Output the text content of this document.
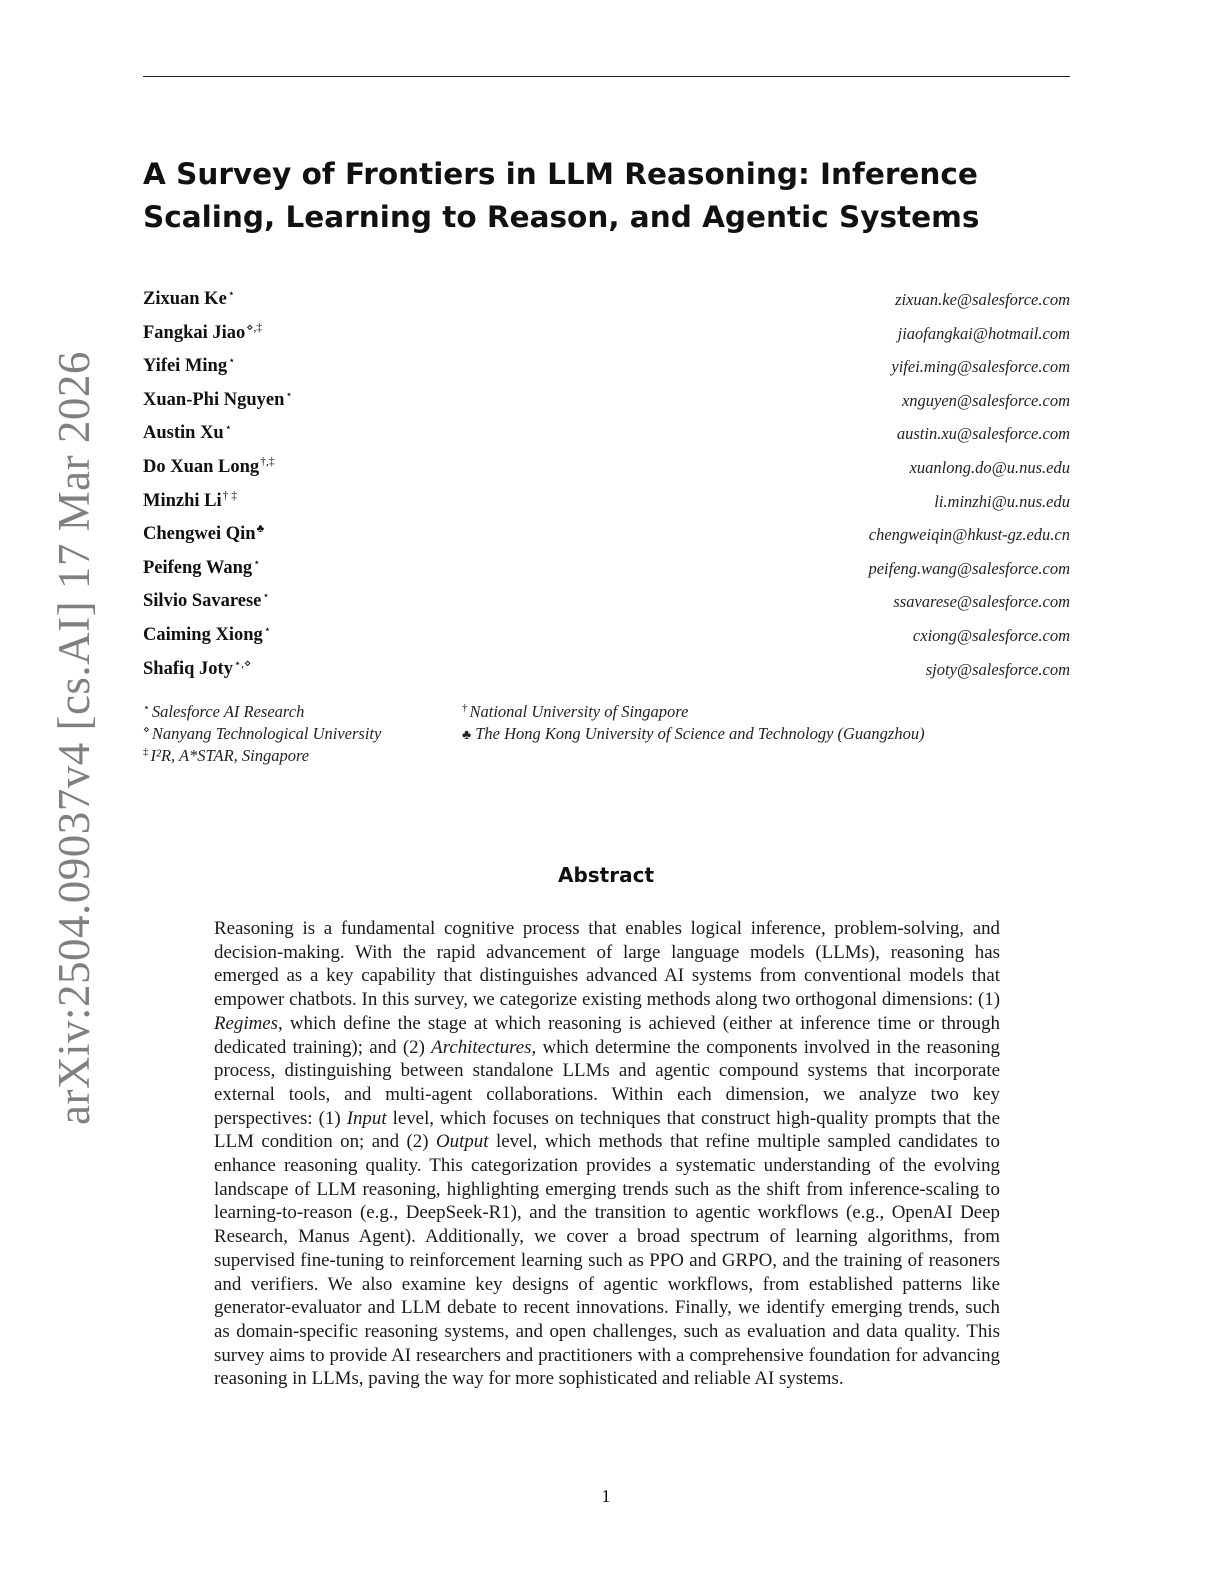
arXiv:2504.09037v4 [cs.AI] 17 Mar 2026
A Survey of Frontiers in LLM Reasoning: Inference Scaling, Learning to Reason, and Agentic Systems
Zixuan Ke⋆	zixuan.ke@salesforce.com
Fangkai Jiao⋄,‡	jiaofangkai@hotmail.com
Yifei Ming⋆	yifei.ming@salesforce.com
Xuan-Phi Nguyen⋆	xnguyen@salesforce.com
Austin Xu⋆	austin.xu@salesforce.com
Do Xuan Long†,‡	xuanlong.do@u.nus.edu
Minzhi Li† ‡	li.minzhi@u.nus.edu
Chengwei Qin♣	chengweiqin@hkust-gz.edu.cn
Peifeng Wang⋆	peifeng.wang@salesforce.com
Silvio Savarese⋆	ssavarese@salesforce.com
Caiming Xiong⋆	cxiong@salesforce.com
Shafiq Joty⋆,⋄	sjoty@salesforce.com
⋆ Salesforce AI Research
⋄ Nanyang Technological University
‡ I²R, A*STAR, Singapore
† National University of Singapore
♣ The Hong Kong University of Science and Technology (Guangzhou)
Abstract

Reasoning is a fundamental cognitive process that enables logical inference, problem-solving, and decision-making. With the rapid advancement of large language models (LLMs), reasoning has emerged as a key capability that distinguishes advanced AI systems from conventional models that empower chatbots. In this survey, we categorize existing methods along two orthogonal dimensions: (1) Regimes, which define the stage at which reasoning is achieved (either at inference time or through dedicated training); and (2) Architectures, which determine the components involved in the reasoning process, distinguishing between standalone LLMs and agentic compound systems that incorporate external tools, and multi-agent collaborations. Within each dimension, we analyze two key perspectives: (1) Input level, which focuses on techniques that construct high-quality prompts that the LLM condition on; and (2) Output level, which methods that refine multiple sampled candidates to enhance reasoning quality. This categorization provides a systematic understanding of the evolving landscape of LLM reasoning, highlighting emerging trends such as the shift from inference-scaling to learning-to-reason (e.g., DeepSeek-R1), and the transition to agentic workflows (e.g., OpenAI Deep Research, Manus Agent). Additionally, we cover a broad spectrum of learning algorithms, from supervised fine-tuning to reinforcement learning such as PPO and GRPO, and the training of reasoners and verifiers. We also examine key designs of agentic workflows, from established patterns like generator-evaluator and LLM debate to recent innovations. Finally, we identify emerging trends, such as domain-specific reasoning systems, and open challenges, such as evaluation and data quality. This survey aims to provide AI researchers and practitioners with a comprehensive foundation for advancing reasoning in LLMs, paving the way for more sophisticated and reliable AI systems.

1
